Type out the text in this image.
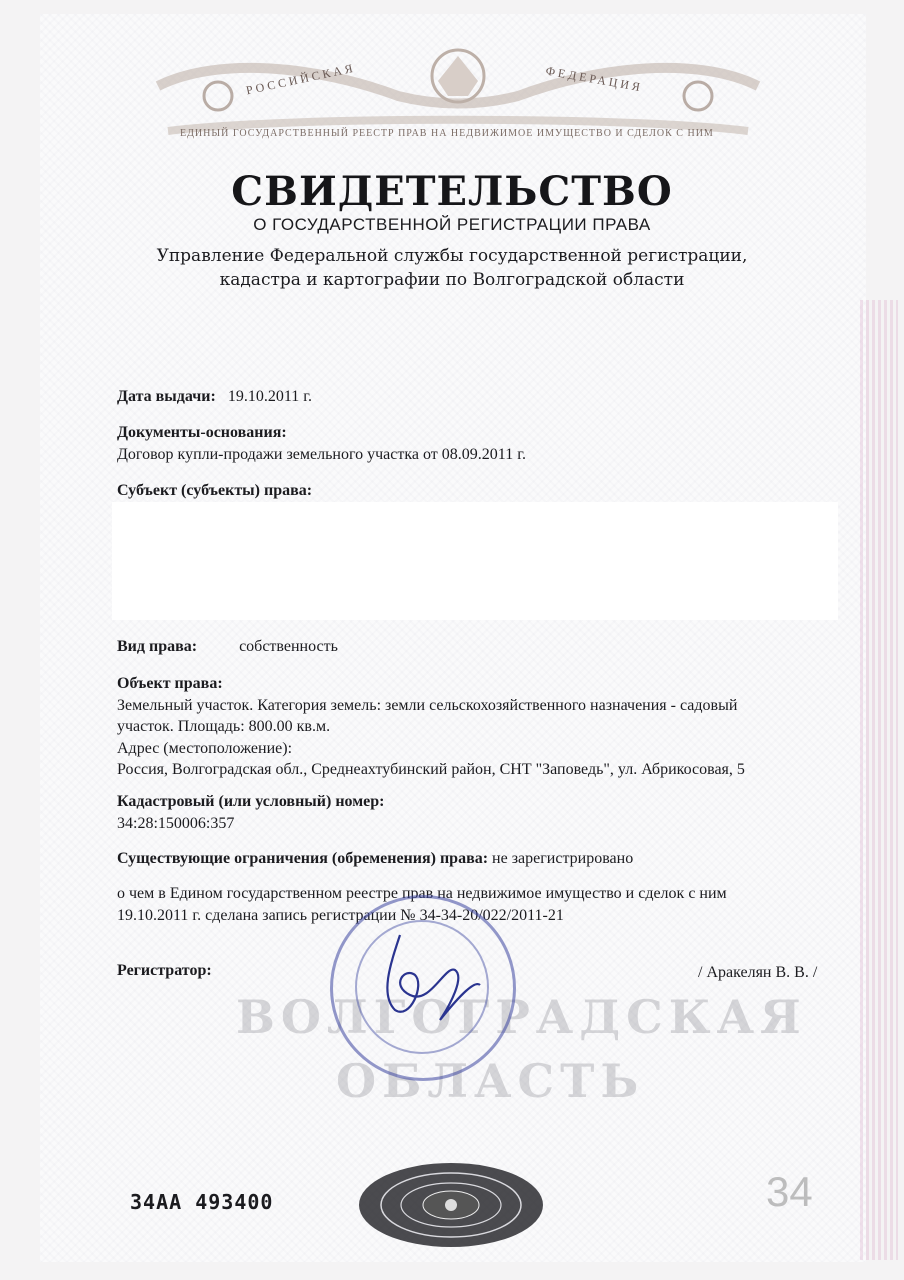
РОССИЙСКАЯ	ФЕДЕРАЦИЯ
ЕДИНЫЙ ГОСУДАРСТВЕННЫЙ РЕЕСТР ПРАВ НА НЕДВИЖИМОЕ ИМУЩЕСТВО И СДЕЛОК С НИМ
СВИДЕТЕЛЬСТВО
О ГОСУДАРСТВЕННОЙ РЕГИСТРАЦИИ ПРАВА
Управление Федеральной службы государственной регистрации,
кадастра и картографии по Волгоградской области
Дата выдачи: 19.10.2011 г.
Документы-основания:
Договор купли-продажи земельного участка от 08.09.2011 г.
Субъект (субъекты) права:
Вид права:	собственность
Объект права:
Земельный участок. Категория земель: земли сельскохозяйственного назначения - садовый
участок. Площадь: 800.00 кв.м.
Адрес (местоположение):
Россия, Волгоградская обл., Среднеахтубинский район, СНТ "Заповедь", ул. Абрикосовая, 5
Кадастровый (или условный) номер:
34:28:150006:357
Существующие ограничения (обременения) права: не зарегистрировано
о чем в Едином государственном реестре прав на недвижимое имущество и сделок с ним
19.10.2011 г. сделана запись регистрации № 34-34-20/022/2011-21
ВОЛГОГРАДСКАЯ
ОБЛАСТЬ
Регистратор:	/ Аракелян В. В. /
34АА 493400	34
